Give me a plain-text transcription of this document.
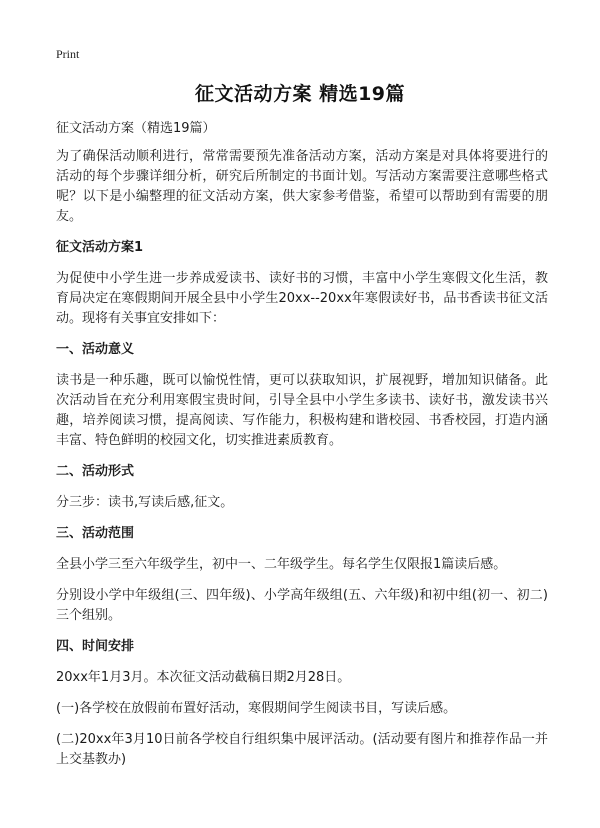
Print
征文活动方案 精选19篇

征文活动方案（精选19篇）

为了确保活动顺利进行，常常需要预先准备活动方案，活动方案是对具体将要进行的活动的每个步骤详细分析，研究后所制定的书面计划。写活动方案需要注意哪些格式呢？以下是小编整理的征文活动方案，供大家参考借鉴，希望可以帮助到有需要的朋友。

征文活动方案1

为促使中小学生进一步养成爱读书、读好书的习惯，丰富中小学生寒假文化生活，教育局决定在寒假期间开展全县中小学生20xx--20xx年寒假读好书，品书香读书征文活动。现将有关事宜安排如下：

一、活动意义

读书是一种乐趣，既可以愉悦性情，更可以获取知识，扩展视野，增加知识储备。此次活动旨在充分利用寒假宝贵时间，引导全县中小学生多读书、读好书，激发读书兴趣，培养阅读习惯，提高阅读、写作能力，积极构建和谐校园、书香校园，打造内涵丰富、特色鲜明的校园文化，切实推进素质教育。

二、活动形式

分三步：读书,写读后感,征文。

三、活动范围

全县小学三至六年级学生，初中一、二年级学生。每名学生仅限报1篇读后感。

分别设小学中年级组(三、四年级)、小学高年级组(五、六年级)和初中组(初一、初二)三个组别。

四、时间安排

20xx年1月3月。本次征文活动截稿日期2月28日。

(一)各学校在放假前布置好活动，寒假期间学生阅读书目，写读后感。

(二)20xx年3月10日前各学校自行组织集中展评活动。(活动要有图片和推荐作品一并上交基教办)
